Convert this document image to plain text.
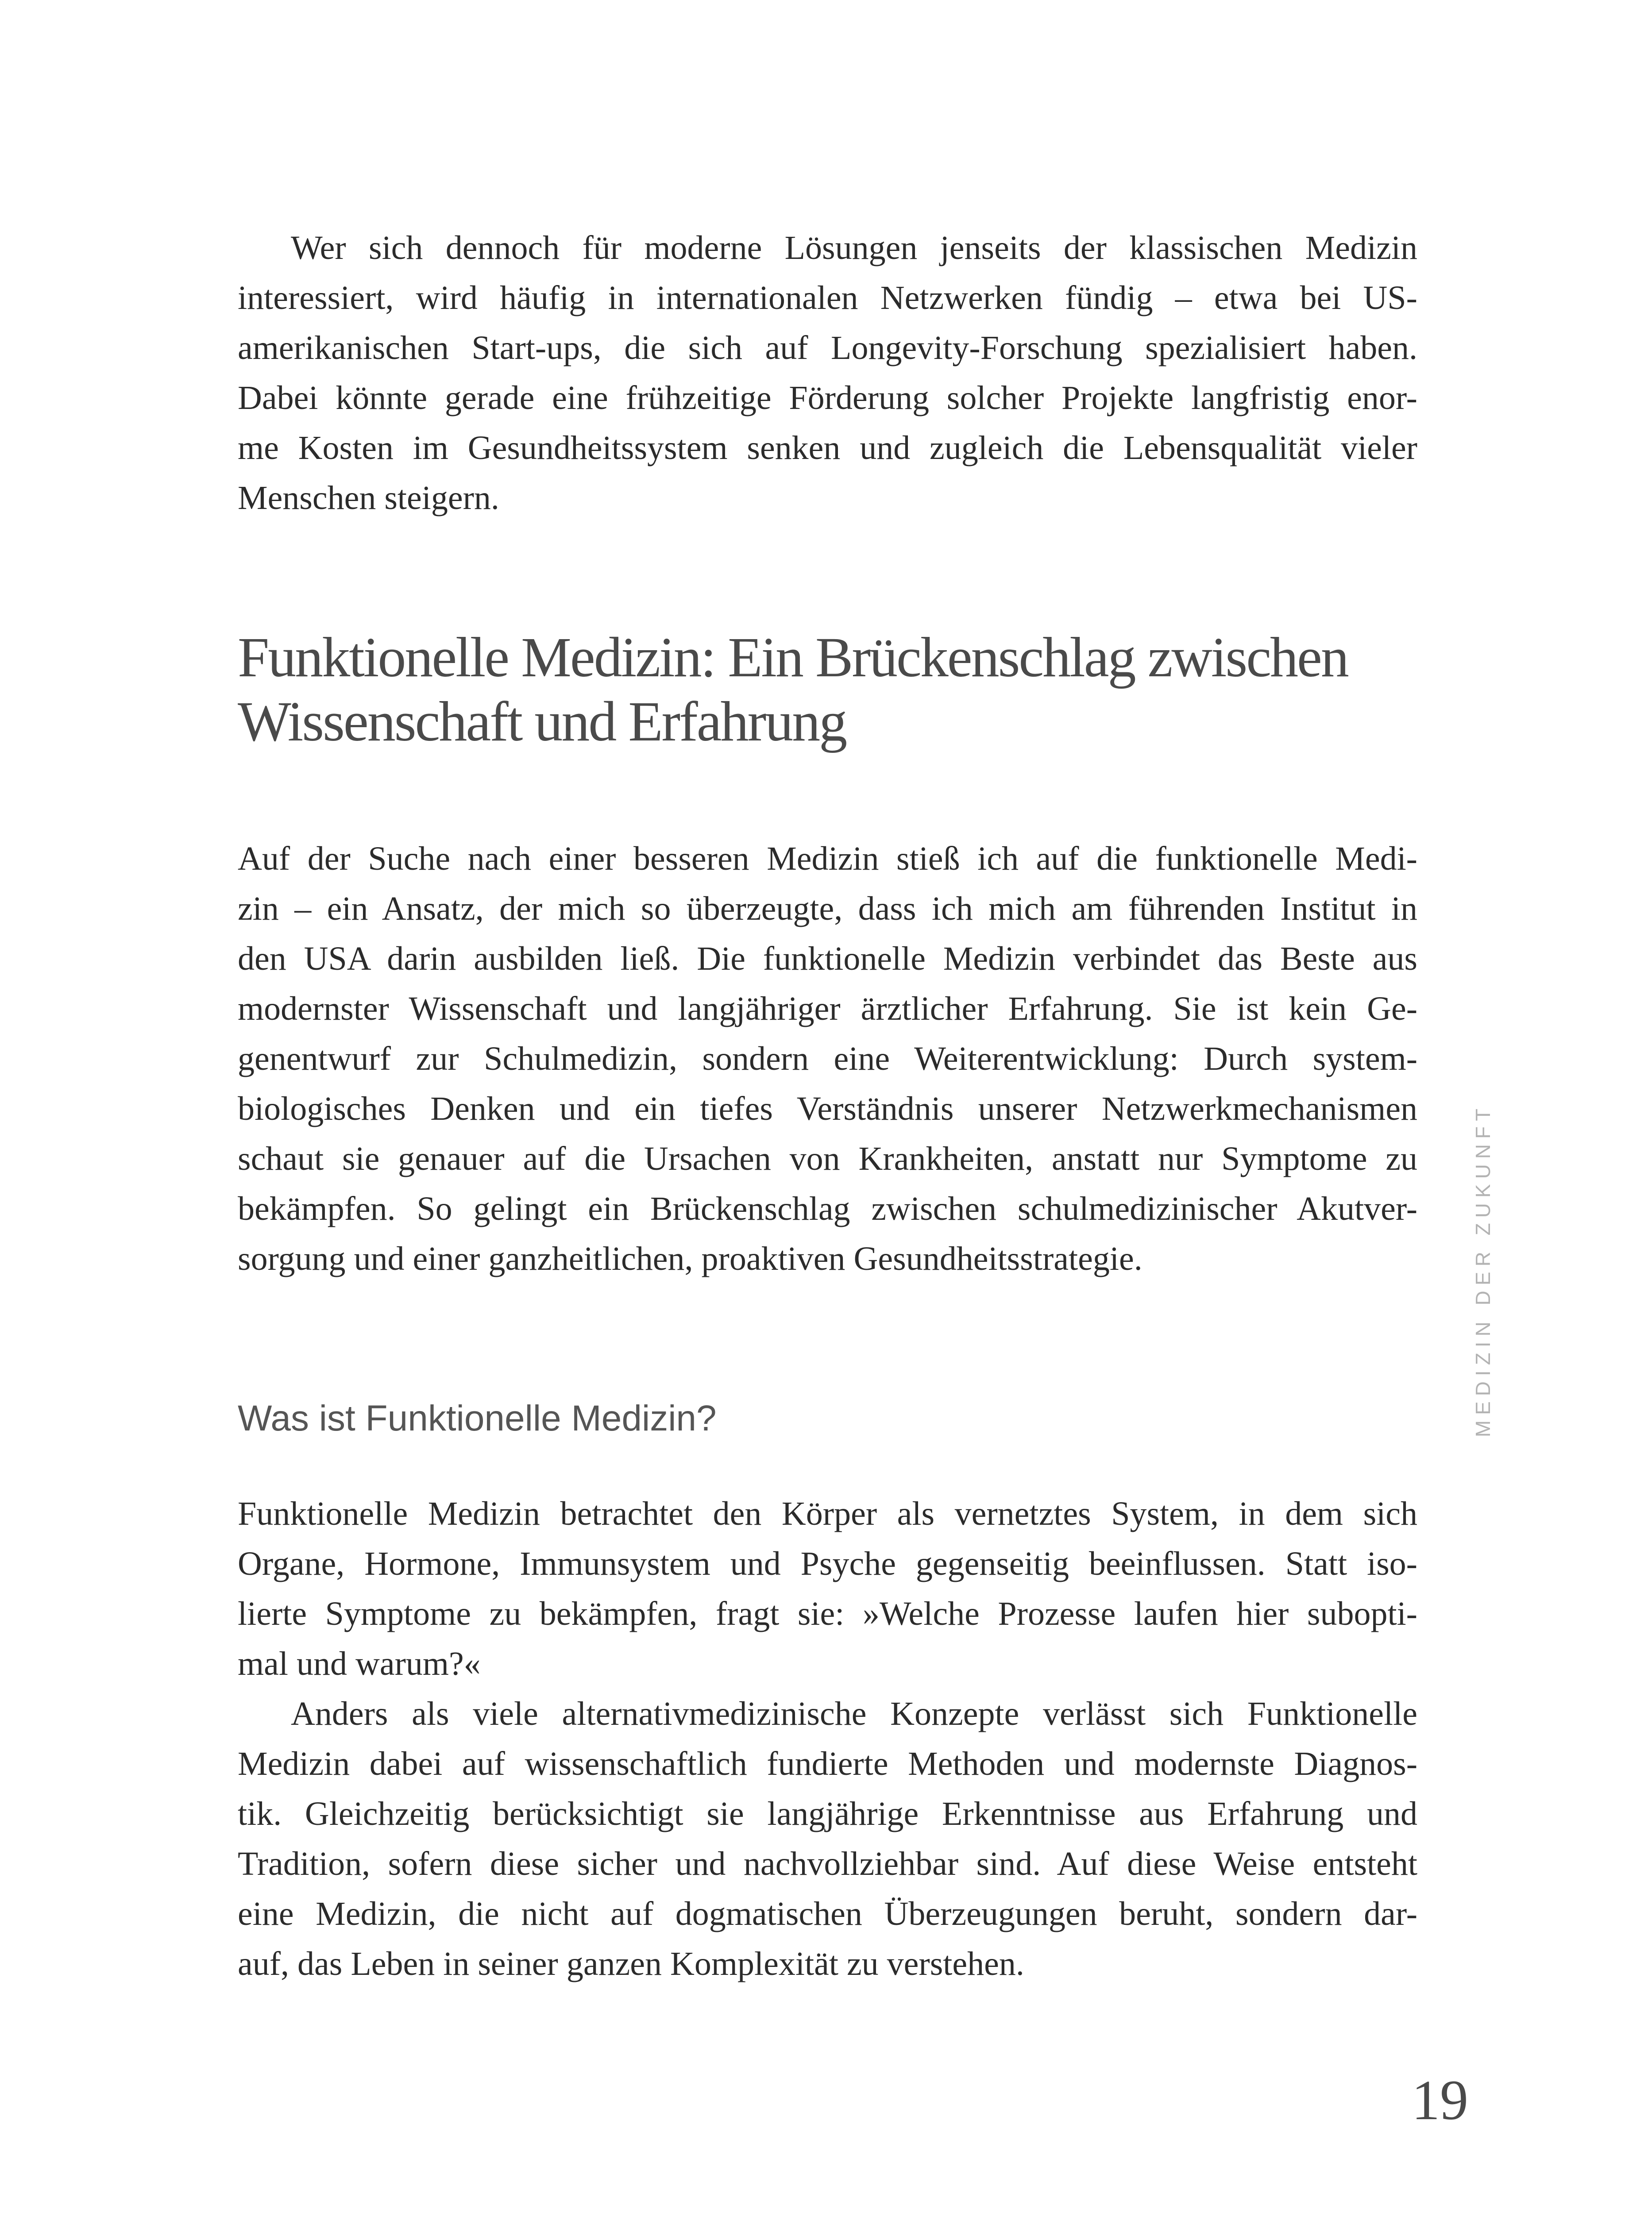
Wer sich dennoch für moderne Lösungen jenseits der klassischen Medizin
interessiert, wird häufig in internationalen Netzwerken fündig – etwa bei US-
amerikanischen Start-ups, die sich auf Longevity-Forschung spezialisiert haben.
Dabei könnte gerade eine frühzeitige Förderung solcher Projekte langfristig enor-
me Kosten im Gesundheitssystem senken und zugleich die Lebensqualität vieler
Menschen steigern.
Funktionelle Medizin: Ein Brückenschlag zwischen
Wissenschaft und Erfahrung
Auf der Suche nach einer besseren Medizin stieß ich auf die funktionelle Medi-
zin – ein Ansatz, der mich so überzeugte, dass ich mich am führenden Institut in
den USA darin ausbilden ließ. Die funktionelle Medizin verbindet das Beste aus
modernster Wissenschaft und langjähriger ärztlicher Erfahrung. Sie ist kein Ge-
genentwurf zur Schulmedizin, sondern eine Weiterentwicklung: Durch system-
biologisches Denken und ein tiefes Verständnis unserer Netzwerkmechanismen
schaut sie genauer auf die Ursachen von Krankheiten, anstatt nur Symptome zu
bekämpfen. So gelingt ein Brückenschlag zwischen schulmedizinischer Akutver-
sorgung und einer ganzheitlichen, proaktiven Gesundheitsstrategie.
Was ist Funktionelle Medizin?
Funktionelle Medizin betrachtet den Körper als vernetztes System, in dem sich
Organe, Hormone, Immunsystem und Psyche gegenseitig beeinflussen. Statt iso-
lierte Symptome zu bekämpfen, fragt sie: »Welche Prozesse laufen hier subopti-
mal und warum?«
Anders als viele alternativmedizinische Konzepte verlässt sich Funktionelle
Medizin dabei auf wissenschaftlich fundierte Methoden und modernste Diagnos-
tik. Gleichzeitig berücksichtigt sie langjährige Erkenntnisse aus Erfahrung und
Tradition, sofern diese sicher und nachvollziehbar sind. Auf diese Weise entsteht
eine Medizin, die nicht auf dogmatischen Überzeugungen beruht, sondern dar-
auf, das Leben in seiner ganzen Komplexität zu verstehen.
MEDIZIN DER ZUKUNFT
19
